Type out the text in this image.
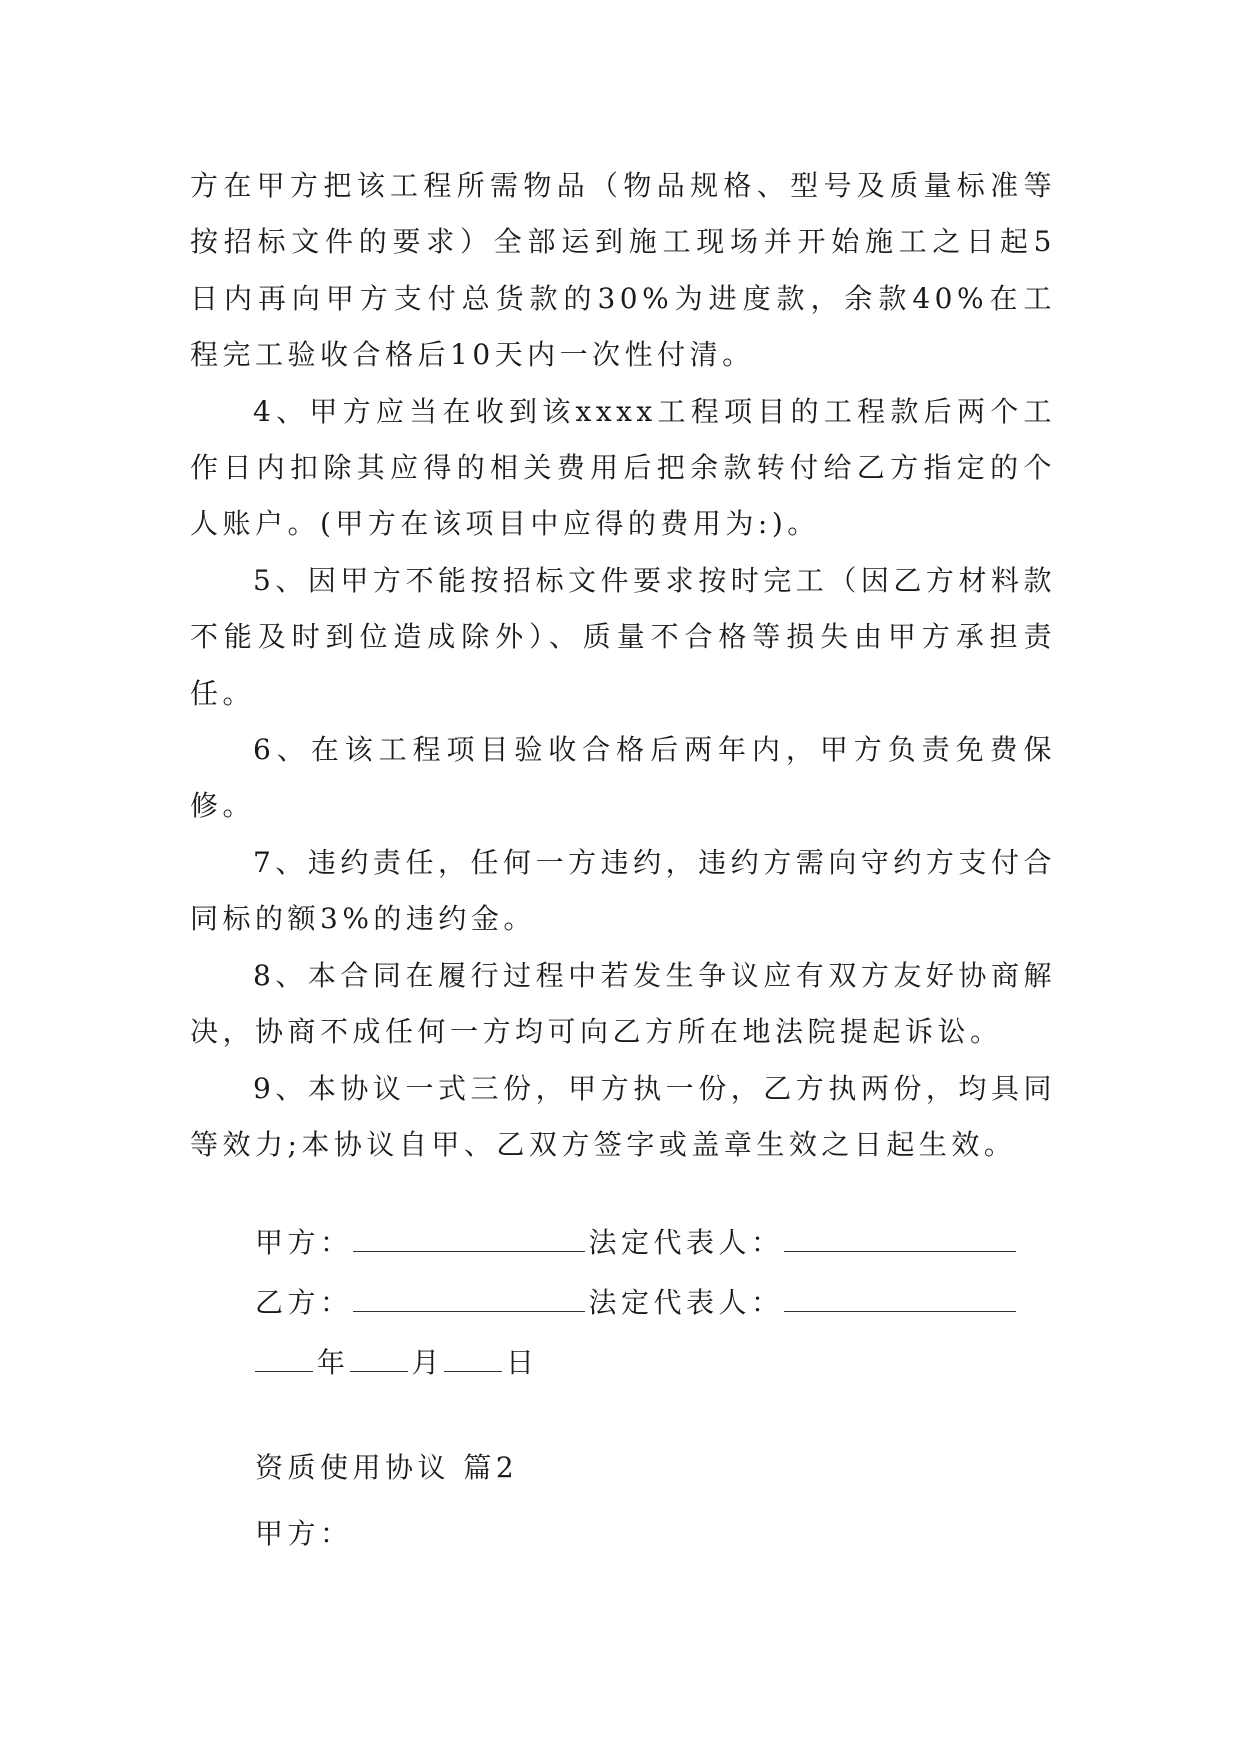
方在甲方把该工程所需物品（物品规格、型号及质量标准等按招标文件的要求）全部运到施工现场并开始施工之日起5日内再向甲方支付总货款的30%为进度款，余款40%在工程完工验收合格后10天内一次性付清。

4、甲方应当在收到该xxxx工程项目的工程款后两个工作日内扣除其应得的相关费用后把余款转付给乙方指定的个人账户。(甲方在该项目中应得的费用为:)。

5、因甲方不能按招标文件要求按时完工（因乙方材料款不能及时到位造成除外）、质量不合格等损失由甲方承担责任。

6、在该工程项目验收合格后两年内，甲方负责免费保修。

7、违约责任，任何一方违约，违约方需向守约方支付合同标的额3%的违约金。

8、本合同在履行过程中若发生争议应有双方友好协商解决，协商不成任何一方均可向乙方所在地法院提起诉讼。

9、本协议一式三份，甲方执一份，乙方执两份，均具同等效力;本协议自甲、乙双方签字或盖章生效之日起生效。

甲方：	法定代表人：
乙方：	法定代表人：
年 月 日
资质使用协议 篇2
甲方：
